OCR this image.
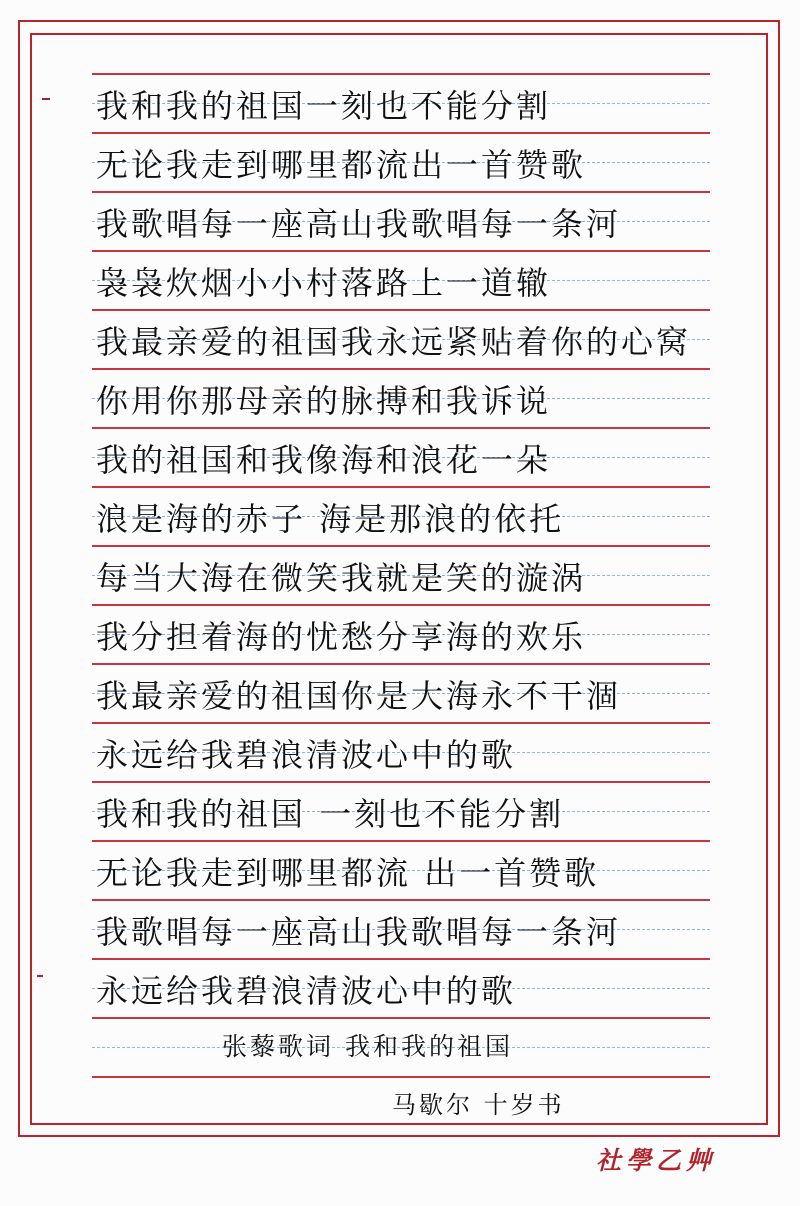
我和我的祖国一刻也不能分割
无论我走到哪里都流出一首赞歌
我歌唱每一座高山我歌唱每一条河
袅袅炊烟小小村落路上一道辙
我最亲爱的祖国我永远紧贴着你的心窝
你用你那母亲的脉搏和我诉说
我的祖国和我像海和浪花一朵
浪是海的赤子 海是那浪的依托
每当大海在微笑我就是笑的漩涡
我分担着海的忧愁分享海的欢乐
我最亲爱的祖国你是大海永不干涸
永远给我碧浪清波心中的歌
我和我的祖国 一刻也不能分割
无论我走到哪里都流 出一首赞歌
我歌唱每一座高山我歌唱每一条河
永远给我碧浪清波心中的歌
张藜歌词 我和我的祖国
马歇尔 十岁书
社學乙艸
